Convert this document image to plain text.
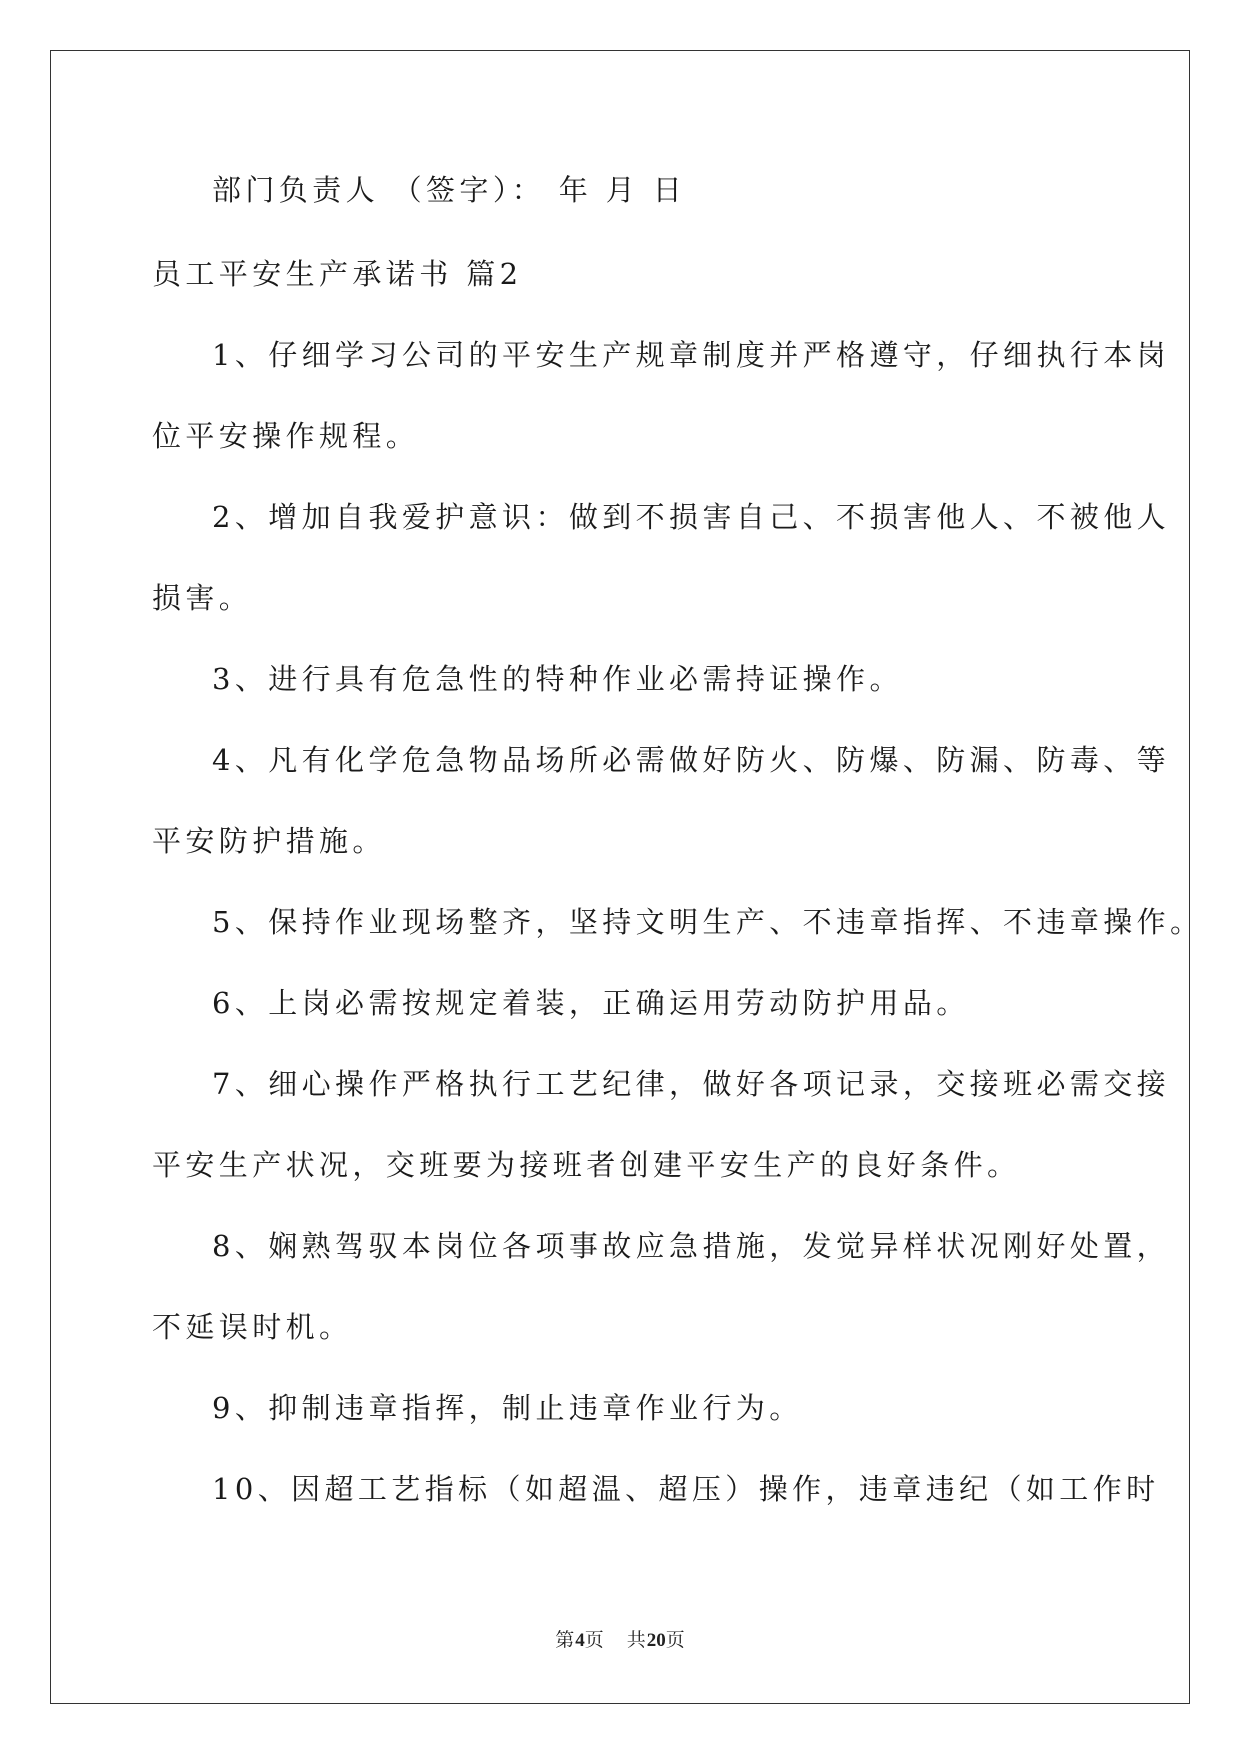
部门负责人 （签字）： 年 月 日
员工平安生产承诺书 篇2
1、仔细学习公司的平安生产规章制度并严格遵守，仔细执行本岗
位平安操作规程。
2、增加自我爱护意识：做到不损害自己、不损害他人、不被他人
损害。
3、进行具有危急性的特种作业必需持证操作。
4、凡有化学危急物品场所必需做好防火、防爆、防漏、防毒、等
平安防护措施。
5、保持作业现场整齐，坚持文明生产、不违章指挥、不违章操作。
6、上岗必需按规定着装，正确运用劳动防护用品。
7、细心操作严格执行工艺纪律，做好各项记录，交接班必需交接
平安生产状况，交班要为接班者创建平安生产的良好条件。
8、娴熟驾驭本岗位各项事故应急措施，发觉异样状况刚好处置，
不延误时机。
9、抑制违章指挥，制止违章作业行为。
10、因超工艺指标（如超温、超压）操作，违章违纪（如工作时
第4页 共20页
